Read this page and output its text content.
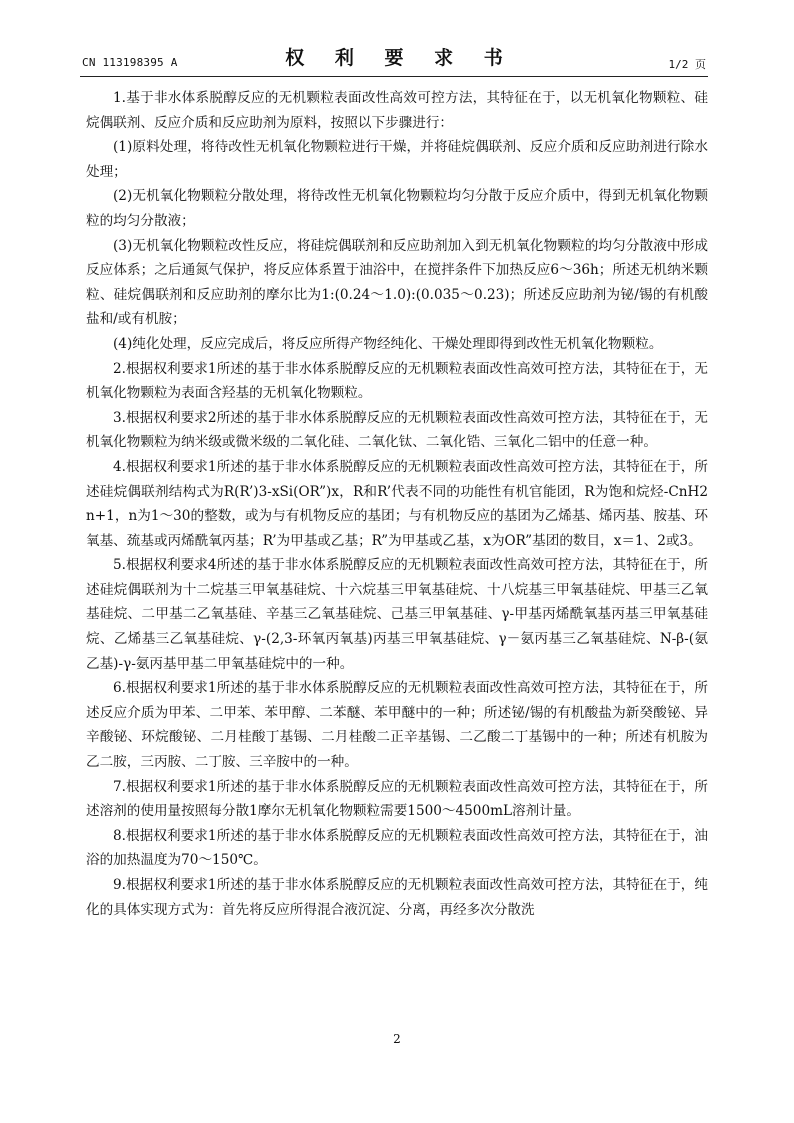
CN 113198395 A	权 利 要 求 书	1/2 页

1.基于非水体系脱醇反应的无机颗粒表面改性高效可控方法，其特征在于，以无机氧化物颗粒、硅烷偶联剂、反应介质和反应助剂为原料，按照以下步骤进行：

(1)原料处理，将待改性无机氧化物颗粒进行干燥，并将硅烷偶联剂、反应介质和反应助剂进行除水处理；

(2)无机氧化物颗粒分散处理，将待改性无机氧化物颗粒均匀分散于反应介质中，得到无机氧化物颗粒的均匀分散液；

(3)无机氧化物颗粒改性反应，将硅烷偶联剂和反应助剂加入到无机氧化物颗粒的均匀分散液中形成反应体系；之后通氮气保护，将反应体系置于油浴中，在搅拌条件下加热反应6～36h；所述无机纳米颗粒、硅烷偶联剂和反应助剂的摩尔比为1:(0.24～1.0):(0.035～0.23)；所述反应助剂为铋/锡的有机酸盐和/或有机胺；

(4)纯化处理，反应完成后，将反应所得产物经纯化、干燥处理即得到改性无机氧化物颗粒。

2.根据权利要求1所述的基于非水体系脱醇反应的无机颗粒表面改性高效可控方法，其特征在于，无机氧化物颗粒为表面含羟基的无机氧化物颗粒。

3.根据权利要求2所述的基于非水体系脱醇反应的无机颗粒表面改性高效可控方法，其特征在于，无机氧化物颗粒为纳米级或微米级的二氧化硅、二氧化钛、二氧化锆、三氧化二铝中的任意一种。

4.根据权利要求1所述的基于非水体系脱醇反应的无机颗粒表面改性高效可控方法，其特征在于，所述硅烷偶联剂结构式为R(R’)3-xSi(OR”)x，R和R’代表不同的功能性有机官能团，R为饱和烷烃-CnH2n+1，n为1～30的整数，或为与有机物反应的基团；与有机物反应的基团为乙烯基、烯丙基、胺基、环氧基、巯基或丙烯酰氧丙基；R’为甲基或乙基；R”为甲基或乙基，x为OR”基团的数目，x＝1、2或3。

5.根据权利要求4所述的基于非水体系脱醇反应的无机颗粒表面改性高效可控方法，其特征在于，所述硅烷偶联剂为十二烷基三甲氧基硅烷、十六烷基三甲氧基硅烷、十八烷基三甲氧基硅烷、甲基三乙氧基硅烷、二甲基二乙氧基硅、辛基三乙氧基硅烷、己基三甲氧基硅、γ-甲基丙烯酰氧基丙基三甲氧基硅烷、乙烯基三乙氧基硅烷、γ-(2,3-环氧丙氧基)丙基三甲氧基硅烷、γ－氨丙基三乙氧基硅烷、N-β-(氨乙基)-γ-氨丙基甲基二甲氧基硅烷中的一种。

6.根据权利要求1所述的基于非水体系脱醇反应的无机颗粒表面改性高效可控方法，其特征在于，所述反应介质为甲苯、二甲苯、苯甲醇、二苯醚、苯甲醚中的一种；所述铋/锡的有机酸盐为新癸酸铋、异辛酸铋、环烷酸铋、二月桂酸丁基锡、二月桂酸二正辛基锡、二乙酸二丁基锡中的一种；所述有机胺为乙二胺，三丙胺、二丁胺、三辛胺中的一种。

7.根据权利要求1所述的基于非水体系脱醇反应的无机颗粒表面改性高效可控方法，其特征在于，所述溶剂的使用量按照每分散1摩尔无机氧化物颗粒需要1500～4500mL溶剂计量。

8.根据权利要求1所述的基于非水体系脱醇反应的无机颗粒表面改性高效可控方法，其特征在于，油浴的加热温度为70～150℃。

9.根据权利要求1所述的基于非水体系脱醇反应的无机颗粒表面改性高效可控方法，其特征在于，纯化的具体实现方式为：首先将反应所得混合液沉淀、分离，再经多次分散洗

2
